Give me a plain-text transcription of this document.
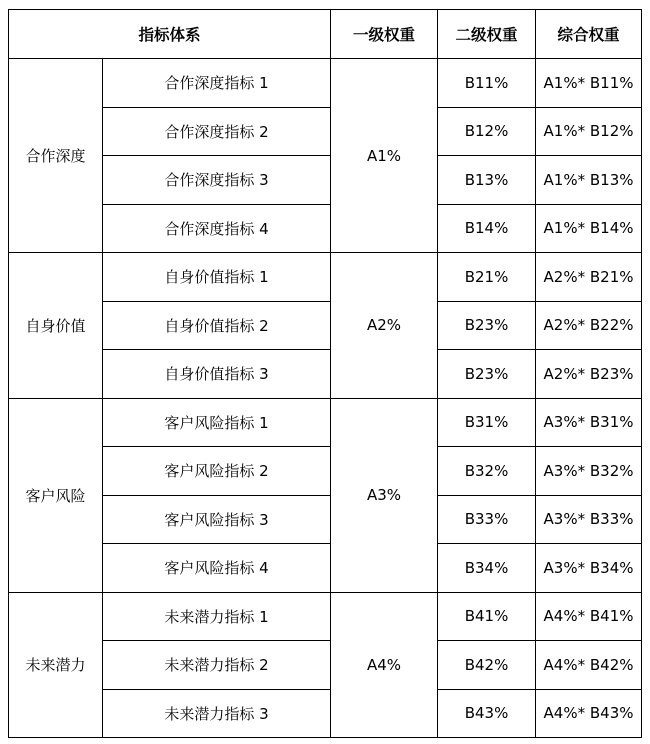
指标体系		一级权重	二级权重	综合权重
合作深度	合作深度指标 1	A1%	B11%	A1%* B11%
	合作深度指标 2		B12%	A1%* B12%
	合作深度指标 3		B13%	A1%* B13%
	合作深度指标 4		B14%	A1%* B14%
自身价值	自身价值指标 1	A2%	B21%	A2%* B21%
	自身价值指标 2		B23%	A2%* B22%
	自身价值指标 3		B23%	A2%* B23%
客户风险	客户风险指标 1	A3%	B31%	A3%* B31%
	客户风险指标 2		B32%	A3%* B32%
	客户风险指标 3		B33%	A3%* B33%
	客户风险指标 4		B34%	A3%* B34%
未来潜力	未来潜力指标 1	A4%	B41%	A4%* B41%
	未来潜力指标 2		B42%	A4%* B42%
	未来潜力指标 3		B43%	A4%* B43%
